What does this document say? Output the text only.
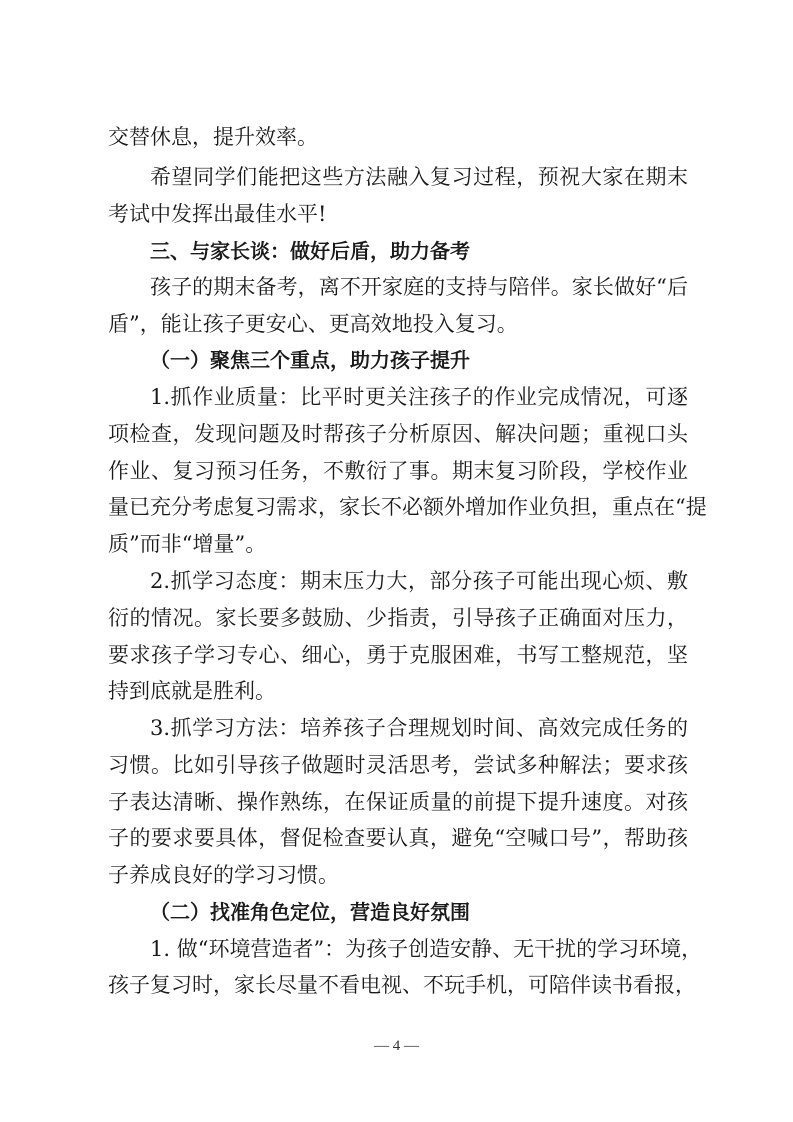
交替休息，提升效率。
希望同学们能把这些方法融入复习过程，预祝大家在期末
考试中发挥出最佳水平!
三、与家长谈：做好后盾，助力备考
孩子的期末备考，离不开家庭的支持与陪伴。家长做好“后
盾”，能让孩子更安心、更高效地投入复习。
（一）聚焦三个重点，助力孩子提升
1.抓作业质量：比平时更关注孩子的作业完成情况，可逐
项检查，发现问题及时帮孩子分析原因、解决问题；重视口头
作业、复习预习任务，不敷衍了事。期末复习阶段，学校作业
量已充分考虑复习需求，家长不必额外增加作业负担，重点在“提
质”而非“增量”。
2.抓学习态度：期末压力大，部分孩子可能出现心烦、敷
衍的情况。家长要多鼓励、少指责，引导孩子正确面对压力，
要求孩子学习专心、细心，勇于克服困难，书写工整规范，坚
持到底就是胜利。
3.抓学习方法：培养孩子合理规划时间、高效完成任务的
习惯。比如引导孩子做题时灵活思考，尝试多种解法；要求孩
子表达清晰、操作熟练，在保证质量的前提下提升速度。对孩
子的要求要具体，督促检查要认真，避免“空喊口号”，帮助孩
子养成良好的学习习惯。
（二）找准角色定位，营造良好氛围
1. 做“环境营造者”：为孩子创造安静、无干扰的学习环境，
孩子复习时，家长尽量不看电视、不玩手机，可陪伴读书看报，
— 4 —
